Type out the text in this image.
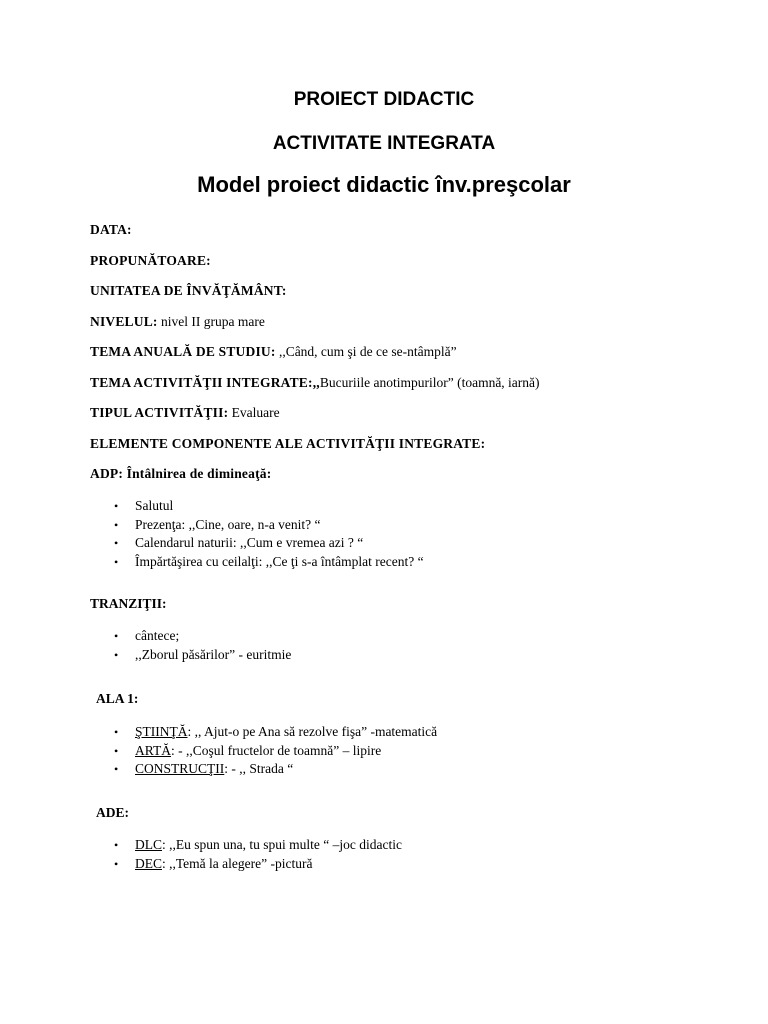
PROIECT DIDACTIC

ACTIVITATE INTEGRATA

Model proiect didactic înv.preşcolar

DATA:
PROPUNĂTOARE:
UNITATEA DE ÎNVĂŢĂMÂNT:
NIVELUL: nivel II grupa mare
TEMA ANUALĂ DE STUDIU: ,,Când, cum şi de ce se-ntâmplă”
TEMA ACTIVITĂŢII INTEGRATE:,,Bucuriile anotimpurilor” (toamnă, iarnă)
TIPUL ACTIVITĂŢII: Evaluare
ELEMENTE COMPONENTE ALE ACTIVITĂŢII INTEGRATE:
ADP: Întâlnirea de dimineaţă:
• Salutul
• Prezenţa: ,,Cine, oare, n-a venit? “
• Calendarul naturii: ,,Cum e vremea azi ? “
• Împărtăşirea cu ceilalţi: ,,Ce ţi s-a întâmplat recent? “
TRANZIŢII:
• cântece;
• ,,Zborul păsărilor” - euritmie
ALA 1:
• ŞTIINŢĂ: ,, Ajut-o pe Ana să rezolve fişa” -matematică
• ARTĂ: - ,,Coşul fructelor de toamnă” – lipire
• CONSTRUCŢII: - ,, Strada “
ADE:
• DLC: ,,Eu spun una, tu spui multe “ –joc didactic
• DEC: ,,Temă la alegere” -pictură
